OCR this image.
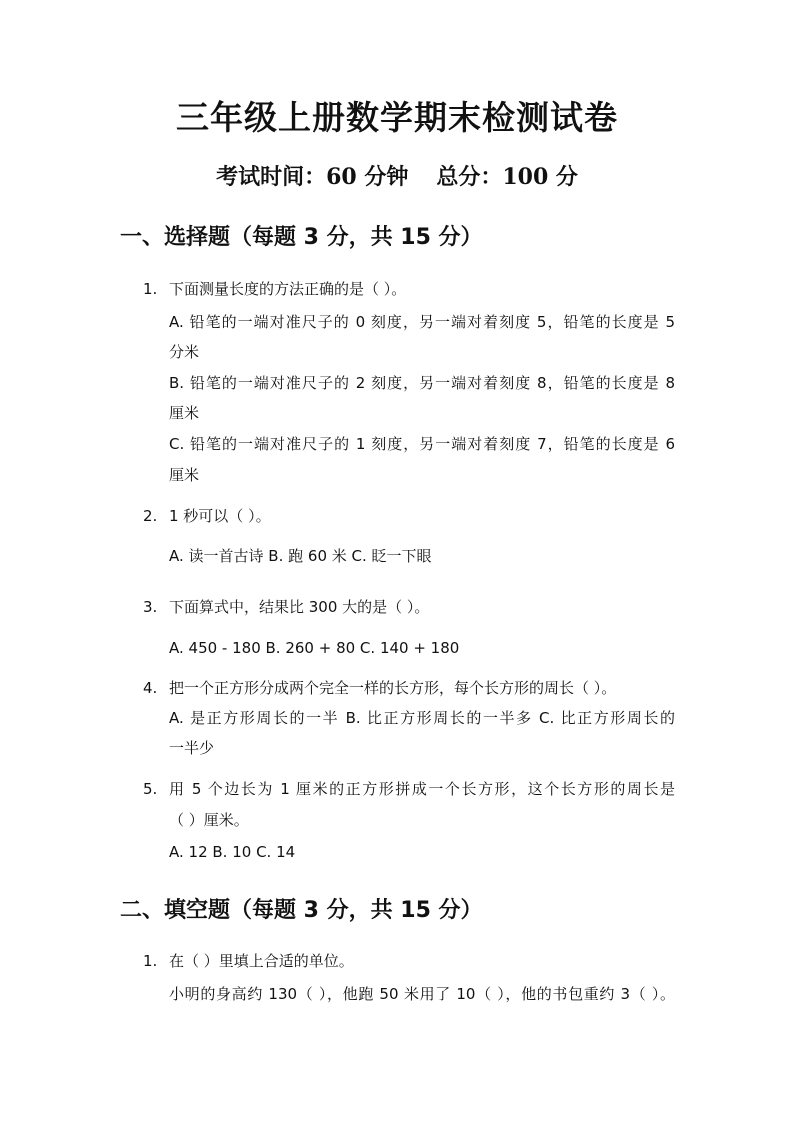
三年级上册数学期末检测试卷
考试时间：60 分钟 总分：100 分
一、选择题（每题 3 分，共 15 分）
1. 下面测量长度的方法正确的是（ ）。
A. 铅笔的一端对准尺子的 0 刻度，另一端对着刻度 5，铅笔的长度是 5
分米
B. 铅笔的一端对准尺子的 2 刻度，另一端对着刻度 8，铅笔的长度是 8
厘米
C. 铅笔的一端对准尺子的 1 刻度，另一端对着刻度 7，铅笔的长度是 6
厘米
2. 1 秒可以（ ）。
A. 读一首古诗 B. 跑 60 米 C. 眨一下眼
3. 下面算式中，结果比 300 大的是（ ）。
A. 450 - 180 B. 260 + 80 C. 140 + 180
4. 把一个正方形分成两个完全一样的长方形，每个长方形的周长（ ）。
A. 是正方形周长的一半 B. 比正方形周长的一半多 C. 比正方形周长的
一半少
5. 用 5 个边长为 1 厘米的正方形拼成一个长方形，这个长方形的周长是
（ ）厘米。
A. 12 B. 10 C. 14
二、填空题（每题 3 分，共 15 分）
1. 在（ ）里填上合适的单位。
小明的身高约 130（ ），他跑 50 米用了 10（ ），他的书包重约 3（ ）。
